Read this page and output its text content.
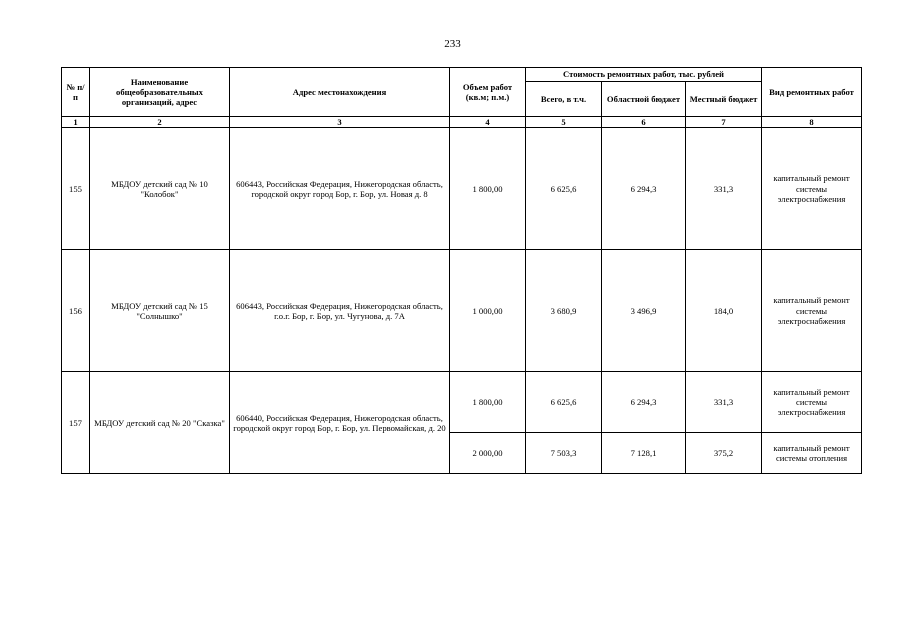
233
№ п/п	Наименование общеобразовательных организаций, адрес	Адрес местонахождения	Объем работ (кв.м; п.м.)	Стоимость ремонтных работ, тыс. рублей			Вид ремонтных работ
				Всего, в т.ч.	Областной бюджет	Местный бюджет	
1	2	3	4	5	6	7	8
155	МБДОУ детский сад № 10 "Колобок"	606443, Российская Федерация, Нижегородская область, городской округ город Бор, г. Бор, ул. Новая д. 8	1 800,00	6 625,6	6 294,3	331,3	капитальный ремонт системы электроснабжения
156	МБДОУ детский сад № 15 "Солнышко"	606443, Российская Федерация, Нижегородская область, г.о.г. Бор, г. Бор, ул. Чугунова, д. 7А	1 000,00	3 680,9	3 496,9	184,0	капитальный ремонт системы электроснабжения
157	МБДОУ детский сад № 20 "Сказка"	606440, Российская Федерация, Нижегородская область, городской округ город Бор, г. Бор, ул. Первомайская, д. 20	1 800,00	6 625,6	6 294,3	331,3	капитальный ремонт системы электроснабжения
			2 000,00	7 503,3	7 128,1	375,2	капитальный ремонт системы отопления
